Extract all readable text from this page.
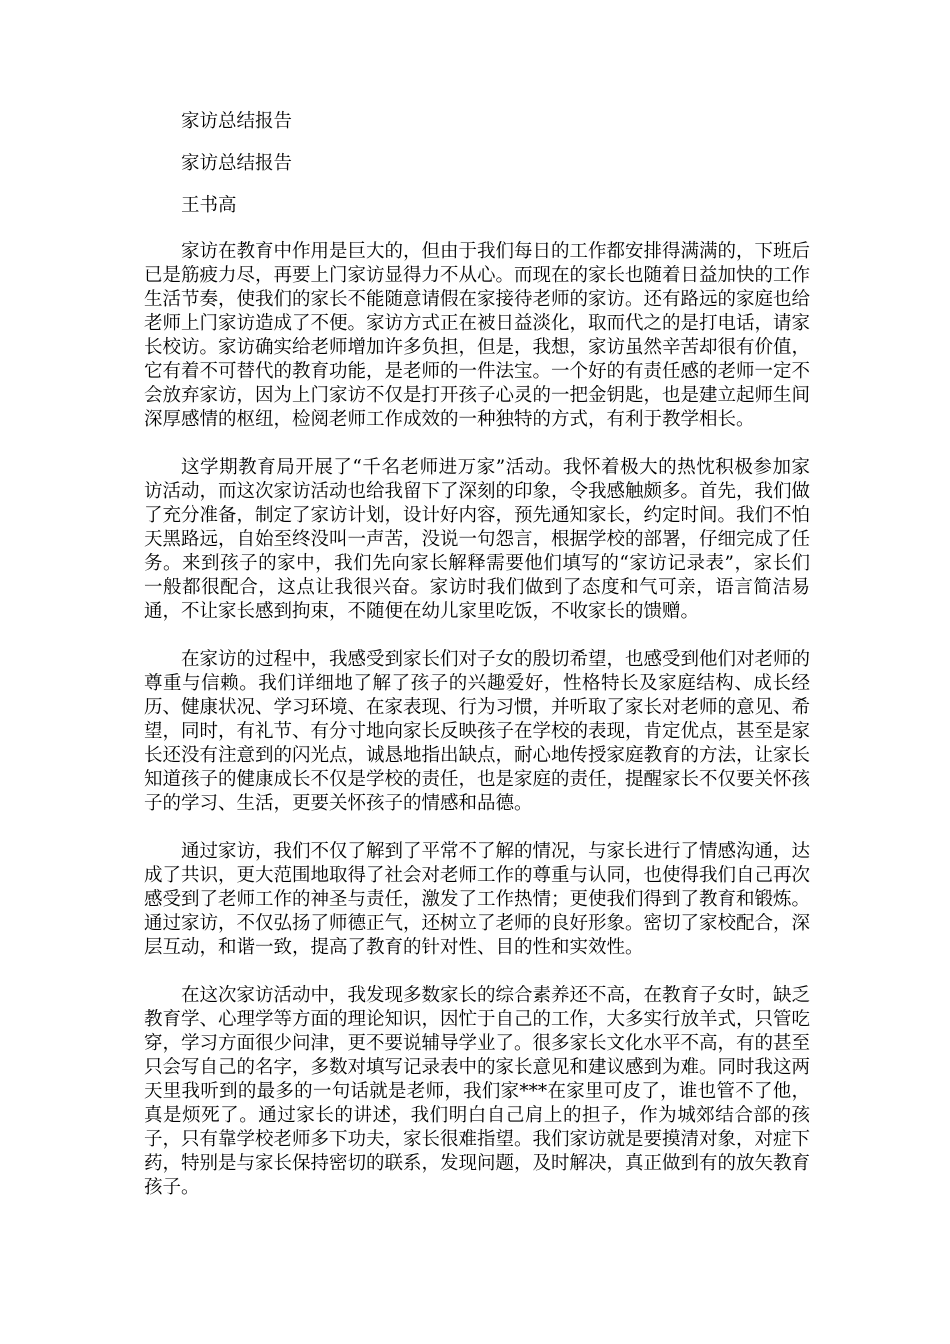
家访总结报告
家访总结报告
王书高

家访在教育中作用是巨大的，但由于我们每日的工作都安排得满满的，下班后已是筋疲力尽，再要上门家访显得力不从心。而现在的家长也随着日益加快的工作生活节奏，使我们的家长不能随意请假在家接待老师的家访。还有路远的家庭也给老师上门家访造成了不便。家访方式正在被日益淡化，取而代之的是打电话，请家长校访。家访确实给老师增加许多负担，但是，我想，家访虽然辛苦却很有价值，它有着不可替代的教育功能，是老师的一件法宝。一个好的有责任感的老师一定不会放弃家访，因为上门家访不仅是打开孩子心灵的一把金钥匙，也是建立起师生间深厚感情的枢纽，检阅老师工作成效的一种独特的方式，有利于教学相长。

这学期教育局开展了“千名老师进万家”活动。我怀着极大的热忱积极参加家访活动，而这次家访活动也给我留下了深刻的印象，令我感触颇多。首先，我们做了充分准备，制定了家访计划，设计好内容，预先通知家长，约定时间。我们不怕天黑路远，自始至终没叫一声苦，没说一句怨言，根据学校的部署，仔细完成了任务。来到孩子的家中，我们先向家长解释需要他们填写的“家访记录表”，家长们一般都很配合，这点让我很兴奋。家访时我们做到了态度和气可亲，语言简洁易通，不让家长感到拘束，不随便在幼儿家里吃饭，不收家长的馈赠。

在家访的过程中，我感受到家长们对子女的殷切希望，也感受到他们对老师的尊重与信赖。我们详细地了解了孩子的兴趣爱好，性格特长及家庭结构、成长经历、健康状况、学习环境、在家表现、行为习惯，并听取了家长对老师的意见、希望，同时，有礼节、有分寸地向家长反映孩子在学校的表现，肯定优点，甚至是家长还没有注意到的闪光点，诚恳地指出缺点，耐心地传授家庭教育的方法，让家长知道孩子的健康成长不仅是学校的责任，也是家庭的责任，提醒家长不仅要关怀孩子的学习、生活，更要关怀孩子的情感和品德。

通过家访，我们不仅了解到了平常不了解的情况，与家长进行了情感沟通，达成了共识，更大范围地取得了社会对老师工作的尊重与认同，也使得我们自己再次感受到了老师工作的神圣与责任，激发了工作热情；更使我们得到了教育和锻炼。通过家访，不仅弘扬了师德正气，还树立了老师的良好形象。密切了家校配合，深层互动，和谐一致，提高了教育的针对性、目的性和实效性。

在这次家访活动中，我发现多数家长的综合素养还不高，在教育子女时，缺乏教育学、心理学等方面的理论知识，因忙于自己的工作，大多实行放羊式，只管吃穿，学习方面很少问津，更不要说辅导学业了。很多家长文化水平不高，有的甚至只会写自己的名字，多数对填写记录表中的家长意见和建议感到为难。同时我这两天里我听到的最多的一句话就是老师，我们家***在家里可皮了，谁也管不了他，真是烦死了。通过家长的讲述，我们明白自己肩上的担子，作为城郊结合部的孩子，只有靠学校老师多下功夫，家长很难指望。我们家访就是要摸清对象，对症下药，特别是与家长保持密切的联系，发现问题，及时解决，真正做到有的放矢教育孩子。
